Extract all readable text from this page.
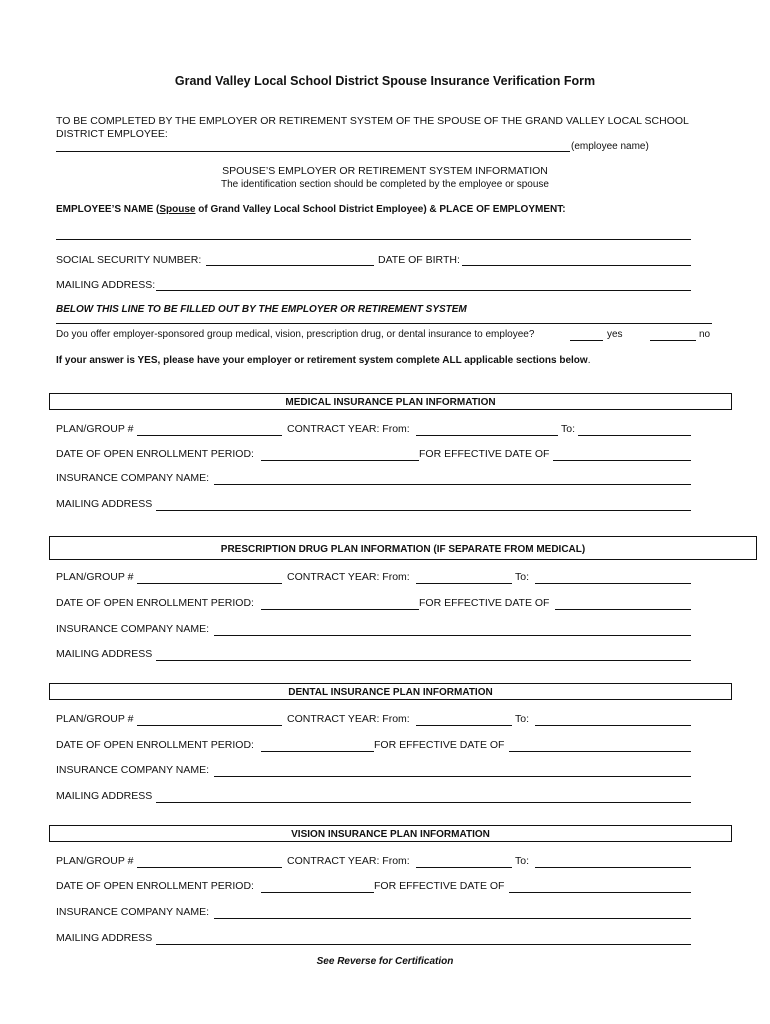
Grand Valley Local School District Spouse Insurance Verification Form
TO BE COMPLETED BY THE EMPLOYER OR RETIREMENT SYSTEM OF THE SPOUSE OF THE GRAND VALLEY LOCAL SCHOOL
DISTRICT EMPLOYEE:
(employee name)
SPOUSE’S EMPLOYER OR RETIREMENT SYSTEM INFORMATION
The identification section should be completed by the employee or spouse
EMPLOYEE’S NAME (Spouse of Grand Valley Local School District Employee) & PLACE OF EMPLOYMENT:
SOCIAL SECURITY NUMBER:	DATE OF BIRTH:
MAILING ADDRESS:
BELOW THIS LINE TO BE FILLED OUT BY THE EMPLOYER OR RETIREMENT SYSTEM
Do you offer employer-sponsored group medical, vision, prescription drug, or dental insurance to employee?	yes	no
If your answer is YES, please have your employer or retirement system complete ALL applicable sections below.
MEDICAL INSURANCE PLAN INFORMATION
PLAN/GROUP #	CONTRACT YEAR: From:	To:
DATE OF OPEN ENROLLMENT PERIOD:	FOR EFFECTIVE DATE OF
INSURANCE COMPANY NAME:
MAILING ADDRESS
PRESCRIPTION DRUG PLAN INFORMATION (IF SEPARATE FROM MEDICAL)
PLAN/GROUP #	CONTRACT YEAR: From:	To:
DATE OF OPEN ENROLLMENT PERIOD:	FOR EFFECTIVE DATE OF
INSURANCE COMPANY NAME:
MAILING ADDRESS
DENTAL INSURANCE PLAN INFORMATION
PLAN/GROUP #	CONTRACT YEAR: From:	To:
DATE OF OPEN ENROLLMENT PERIOD:	FOR EFFECTIVE DATE OF
INSURANCE COMPANY NAME:
MAILING ADDRESS
VISION INSURANCE PLAN INFORMATION
PLAN/GROUP #	CONTRACT YEAR: From:	To:
DATE OF OPEN ENROLLMENT PERIOD:	FOR EFFECTIVE DATE OF
INSURANCE COMPANY NAME:
MAILING ADDRESS
See Reverse for Certification
